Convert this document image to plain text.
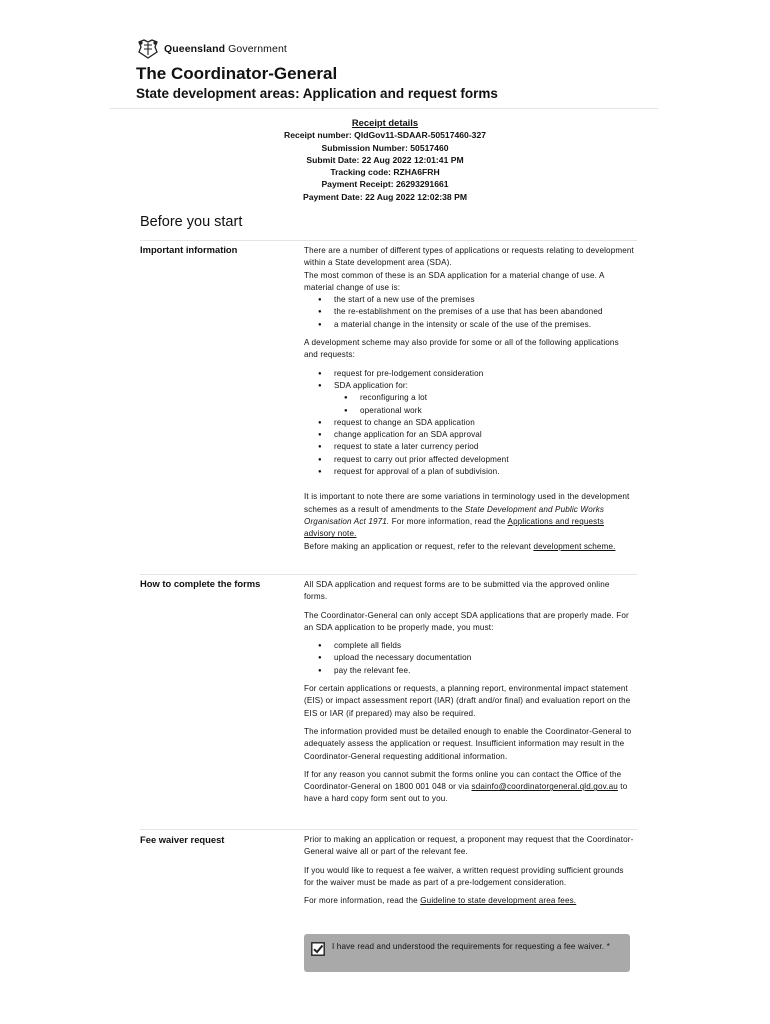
Queensland Government
The Coordinator-General
State development areas: Application and request forms
Receipt details
Receipt number: QldGov11-SDAAR-50517460-327
Submission Number: 50517460
Submit Date: 22 Aug 2022 12:01:41 PM
Tracking code: RZHA6FRH
Payment Receipt: 26293291661
Payment Date: 22 Aug 2022 12:02:38 PM
Before you start
Important information	There are a number of different types of applications or requests relating to development within a State development area (SDA).

The most common of these is an SDA application for a material change of use. A material change of use is:

● the start of a new use of the premises
● the re-establishment on the premises of a use that has been abandoned
● a material change in the intensity or scale of the use of the premises.

A development scheme may also provide for some or all of the following applications and requests:

● request for pre-lodgement consideration
● SDA application for:
● reconfiguring a lot
● operational work
● request to change an SDA application
● change application for an SDA approval
● request to state a later currency period
● request to carry out prior affected development
● request for approval of a plan of subdivision.

It is important to note there are some variations in terminology used in the development schemes as a result of amendments to the State Development and Public Works Organisation Act 1971. For more information, read the Applications and requests advisory note.

Before making an application or request, refer to the relevant development scheme.

How to complete the forms	All SDA application and request forms are to be submitted via the approved online forms.

The Coordinator-General can only accept SDA applications that are properly made. For an SDA application to be properly made, you must:

● complete all fields
● upload the necessary documentation
● pay the relevant fee.

For certain applications or requests, a planning report, environmental impact statement (EIS) or impact assessment report (IAR) (draft and/or final) and evaluation report on the EIS or IAR (if prepared) may also be required.

The information provided must be detailed enough to enable the Coordinator-General to adequately assess the application or request. Insufficient information may result in the Coordinator-General requesting additional information.

If for any reason you cannot submit the forms online you can contact the Office of the Coordinator-General on 1800 001 048 or via sdainfo@coordinatorgeneral.qld.gov.au to have a hard copy form sent out to you.

Fee waiver request	Prior to making an application or request, a proponent may request that the Coordinator-General waive all or part of the relevant fee.

If you would like to request a fee waiver, a written request providing sufficient grounds for the waiver must be made as part of a pre-lodgement consideration.

For more information, read the Guideline to state development area fees.

I have read and understood the requirements for requesting a fee waiver. *
